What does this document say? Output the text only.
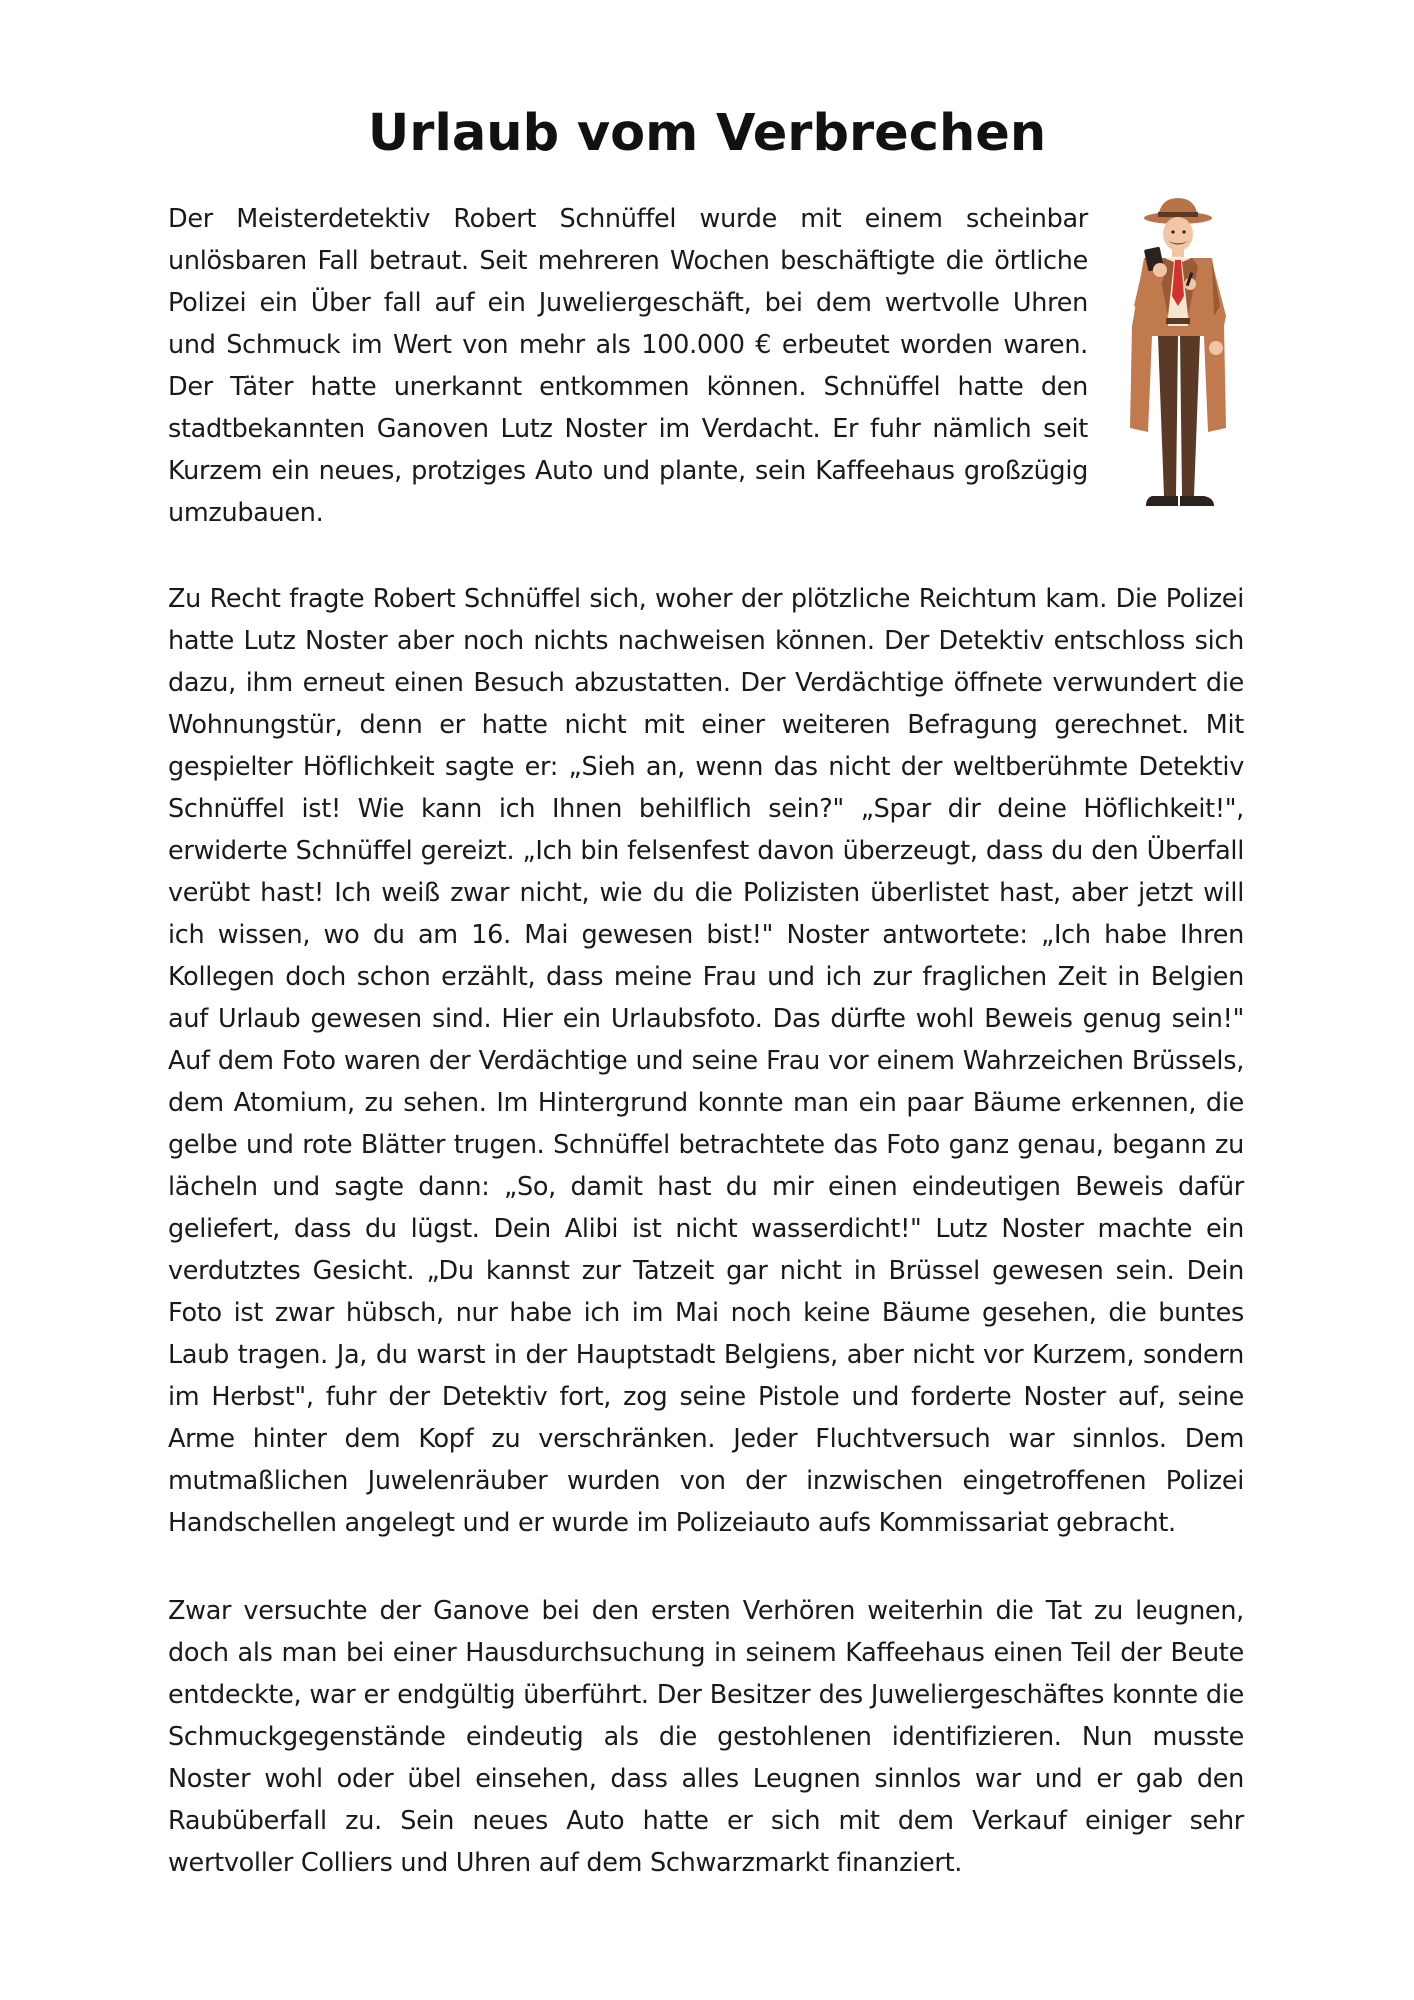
Urlaub vom Verbrechen

Der Meisterdetektiv Robert Schnüffel wurde mit einem scheinbar unlösbaren Fall betraut. Seit mehreren Wochen beschäftigte die örtliche Polizei ein Über fall auf ein Juweliergeschäft, bei dem wertvolle Uhren und Schmuck im Wert von mehr als 100.000 € erbeutet worden waren. Der Täter hatte unerkannt entkommen können. Schnüffel hatte den stadtbekannten Ganoven Lutz Noster im Verdacht. Er fuhr nämlich seit Kurzem ein neues, protziges Auto und plante, sein Kaffeehaus großzügig umzubauen.

Zu Recht fragte Robert Schnüffel sich, woher der plötzliche Reichtum kam. Die Polizei hatte Lutz Noster aber noch nichts nachweisen können. Der Detektiv entschloss sich dazu, ihm erneut einen Besuch abzustatten. Der Verdächtige öffnete verwundert die Wohnungstür, denn er hatte nicht mit einer weiteren Befragung gerechnet. Mit gespielter Höflichkeit sagte er: „Sieh an, wenn das nicht der weltberühmte Detektiv Schnüffel ist! Wie kann ich Ihnen behilflich sein?" „Spar dir deine Höflichkeit!", erwiderte Schnüffel gereizt. „Ich bin felsenfest davon überzeugt, dass du den Überfall verübt hast! Ich weiß zwar nicht, wie du die Polizisten überlistet hast, aber jetzt will ich wissen, wo du am 16. Mai gewesen bist!" Noster antwortete: „Ich habe Ihren Kollegen doch schon erzählt, dass meine Frau und ich zur fraglichen Zeit in Belgien auf Urlaub gewesen sind. Hier ein Urlaubsfoto. Das dürfte wohl Beweis genug sein!" Auf dem Foto waren der Verdächtige und seine Frau vor einem Wahrzeichen Brüssels, dem Atomium, zu sehen. Im Hintergrund konnte man ein paar Bäume erkennen, die gelbe und rote Blätter trugen. Schnüffel betrachtete das Foto ganz genau, begann zu lächeln und sagte dann: „So, damit hast du mir einen eindeutigen Beweis dafür geliefert, dass du lügst. Dein Alibi ist nicht wasserdicht!" Lutz Noster machte ein verdutztes Gesicht. „Du kannst zur Tatzeit gar nicht in Brüssel gewesen sein. Dein Foto ist zwar hübsch, nur habe ich im Mai noch keine Bäume gesehen, die buntes Laub tragen. Ja, du warst in der Hauptstadt Belgiens, aber nicht vor Kurzem, sondern im Herbst", fuhr der Detektiv fort, zog seine Pistole und forderte Noster auf, seine Arme hinter dem Kopf zu verschränken. Jeder Fluchtversuch war sinnlos. Dem mutmaßlichen Juwelenräuber wurden von der inzwischen eingetroffenen Polizei Handschellen angelegt und er wurde im Polizeiauto aufs Kommissariat gebracht.

Zwar versuchte der Ganove bei den ersten Verhören weiterhin die Tat zu leugnen, doch als man bei einer Hausdurchsuchung in seinem Kaffeehaus einen Teil der Beute entdeckte, war er endgültig überführt. Der Besitzer des Juweliergeschäftes konnte die Schmuckgegenstände eindeutig als die gestohlenen identifizieren. Nun musste Noster wohl oder übel einsehen, dass alles Leugnen sinnlos war und er gab den Raubüberfall zu. Sein neues Auto hatte er sich mit dem Verkauf einiger sehr wertvoller Colliers und Uhren auf dem Schwarzmarkt finanziert.
